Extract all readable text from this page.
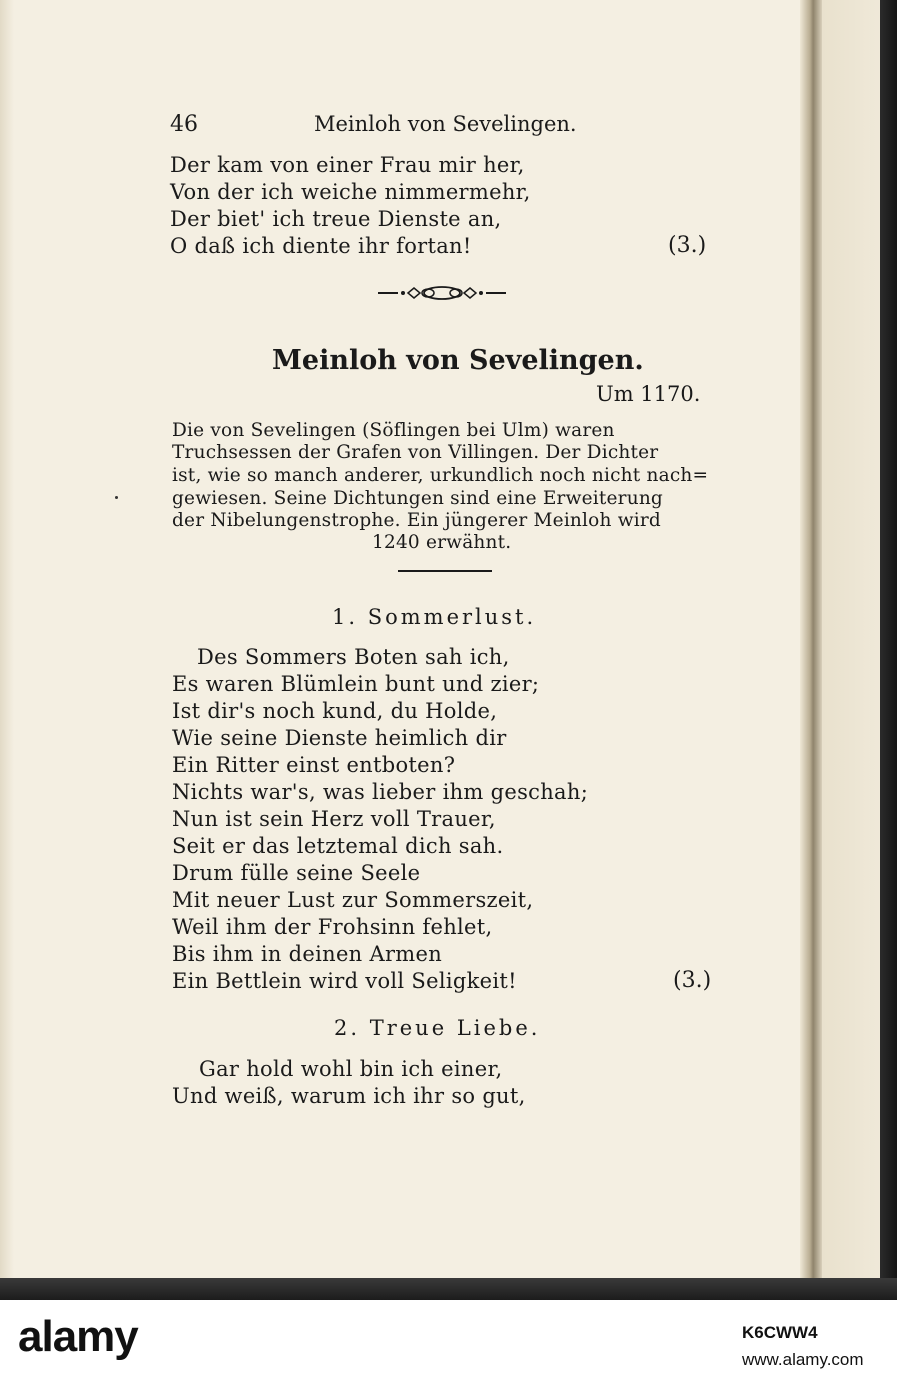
46	Meinloh von Sevelingen.
Der kam von einer Frau mir her,
Von der ich weiche nimmermehr,
Der biet' ich treue Dienste an,
O daß ich diente ihr fortan!	(3.)
Meinloh von Sevelingen.
Um 1170.
Die von Sevelingen (Söflingen bei Ulm) waren
Truchsessen der Grafen von Villingen. Der Dichter
ist, wie so manch anderer, urkundlich noch nicht nach=
gewiesen. Seine Dichtungen sind eine Erweiterung
der Nibelungenstrophe. Ein jüngerer Meinloh wird
1240 erwähnt.
1. Sommerlust.
Des Sommers Boten sah ich,
Es waren Blümlein bunt und zier;
Ist dir's noch kund, du Holde,
Wie seine Dienste heimlich dir
Ein Ritter einst entboten?
Nichts war's, was lieber ihm geschah;
Nun ist sein Herz voll Trauer,
Seit er das letztemal dich sah.
Drum fülle seine Seele
Mit neuer Lust zur Sommerszeit,
Weil ihm der Frohsinn fehlet,
Bis ihm in deinen Armen
Ein Bettlein wird voll Seligkeit!	(3.)
2. Treue Liebe.
Gar hold wohl bin ich einer,
Und weiß, warum ich ihr so gut,
alamy	K6CWW4
www.alamy.com
